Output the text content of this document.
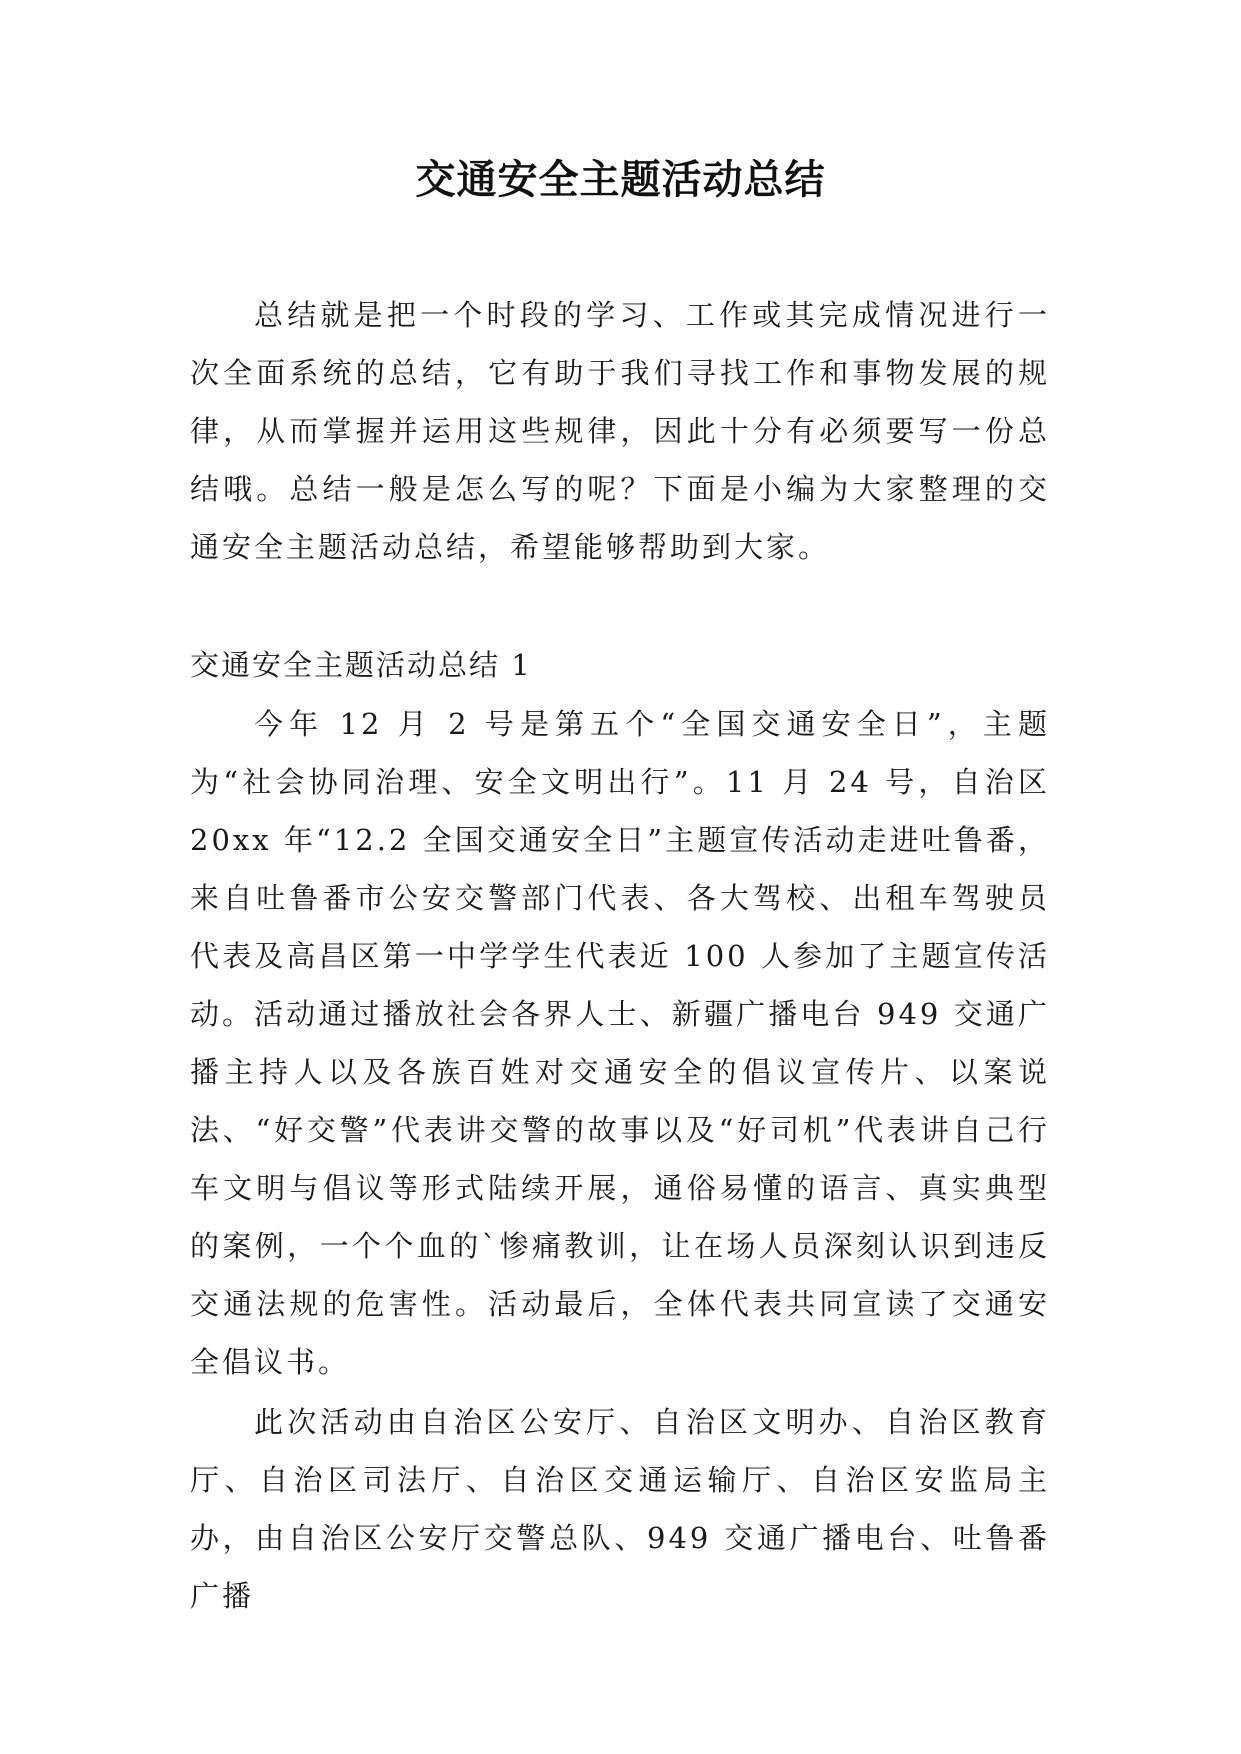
交通安全主题活动总结

总结就是把一个时段的学习、工作或其完成情况进行一次全面系统的总结，它有助于我们寻找工作和事物发展的规律，从而掌握并运用这些规律，因此十分有必须要写一份总结哦。总结一般是怎么写的呢？下面是小编为大家整理的交通安全主题活动总结，希望能够帮助到大家。

交通安全主题活动总结 1

今年 12 月 2 号是第五个“全国交通安全日”，主题为“社会协同治理、安全文明出行”。11 月 24 号，自治区 20xx 年“12.2 全国交通安全日”主题宣传活动走进吐鲁番，来自吐鲁番市公安交警部门代表、各大驾校、出租车驾驶员代表及高昌区第一中学学生代表近 100 人参加了主题宣传活动。 活动通过播放社会各界人士、新疆广播电台 949 交通广播主持人以及各族百姓对交通安全的倡议宣传片、以案说法、“好交警”代表讲交警的故事以及“好司机”代表讲自己行车文明与倡议等形式陆续开展，通俗易懂的语言、真实典型的案例，一个个血的`惨痛教训，让在场人员深刻认识到违反交通法规的危害性。活动最后，全体代表共同宣读了交通安全倡议书。

此次活动由自治区公安厅、自治区文明办、自治区教育厅、自治区司法厅、自治区交通运输厅、自治区安监局主办，由自治区公安厅交警总队、949 交通广播电台、吐鲁番广播
